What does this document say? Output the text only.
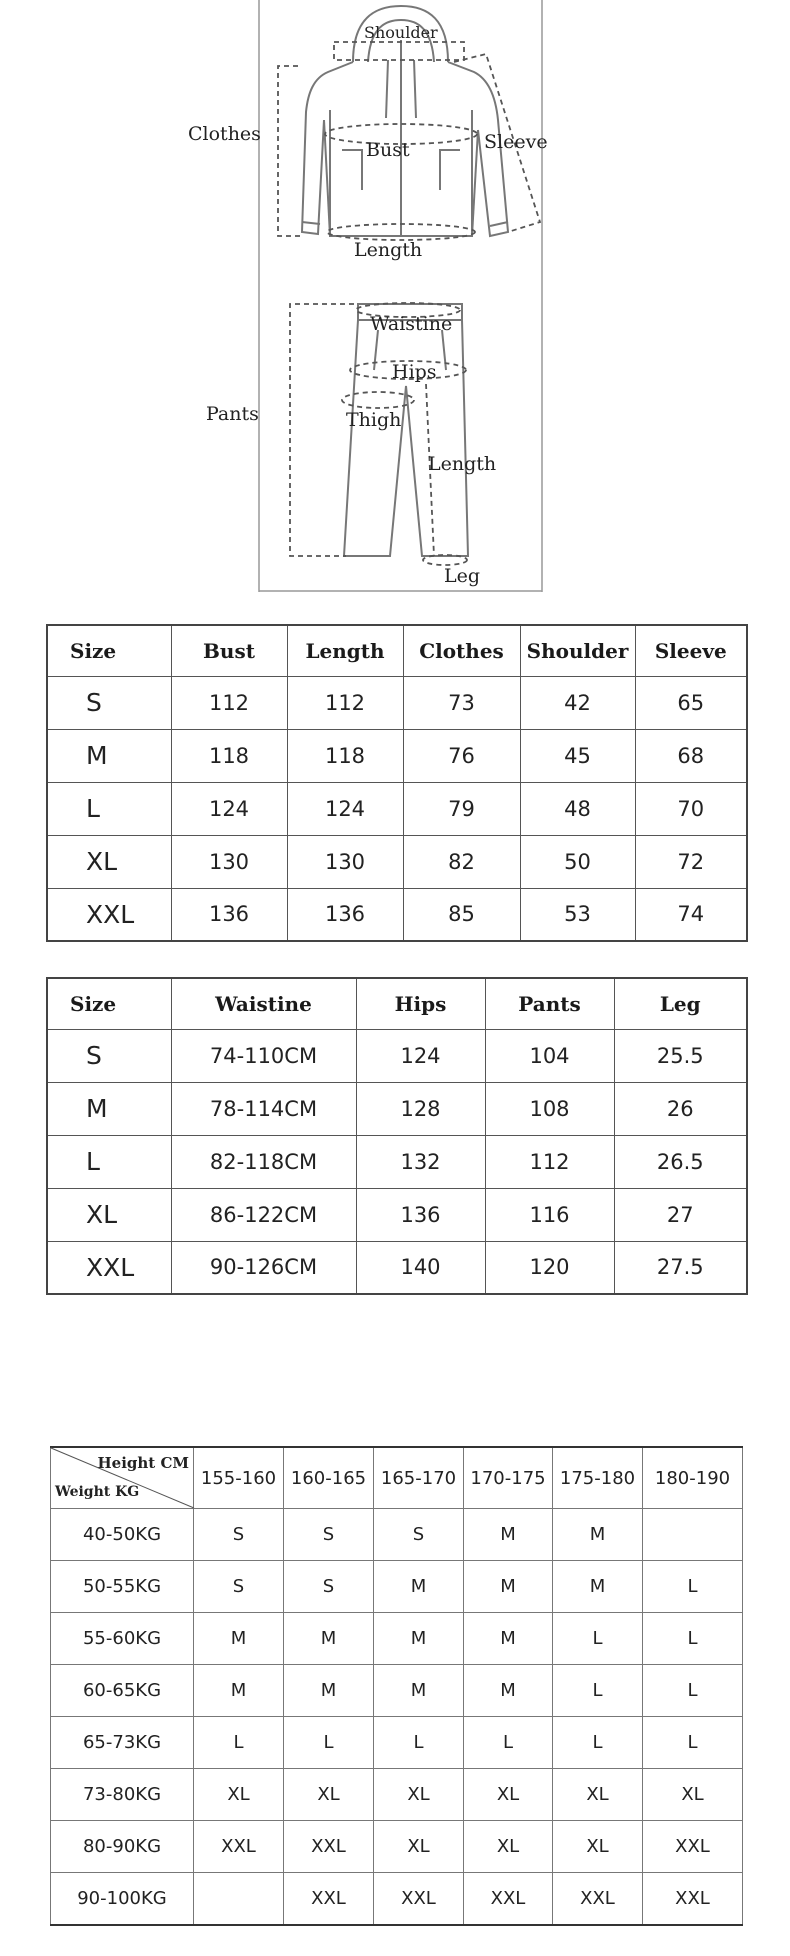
Shoulder
Clothes
Bust	Sleeve
Length
Waistine
Hips
Pants	Thigh
Length
Leg
Size	Bust	Length	Clothes	Shoulder	Sleeve
S	112	112	73	42	65
M	118	118	76	45	68
L	124	124	79	48	70
XL	130	130	82	50	72
XXL	136	136	85	53	74
Size	Waistine	Hips	Pants	Leg
S	74-110CM	124	104	25.5
M	78-114CM	128	108	26
L	82-118CM	132	112	26.5
XL	86-122CM	136	116	27
XXL	90-126CM	140	120	27.5
Height CM
Weight KG	155-160	160-165	165-170	170-175	175-180	180-190
40-50KG	S	S	S	M	M	
50-55KG	S	S	M	M	M	L
55-60KG	M	M	M	M	L	L
60-65KG	M	M	M	M	L	L
65-73KG	L	L	L	L	L	L
73-80KG	XL	XL	XL	XL	XL	XL
80-90KG	XXL	XXL	XL	XL	XL	XXL
90-100KG		XXL	XXL	XXL	XXL	XXL
